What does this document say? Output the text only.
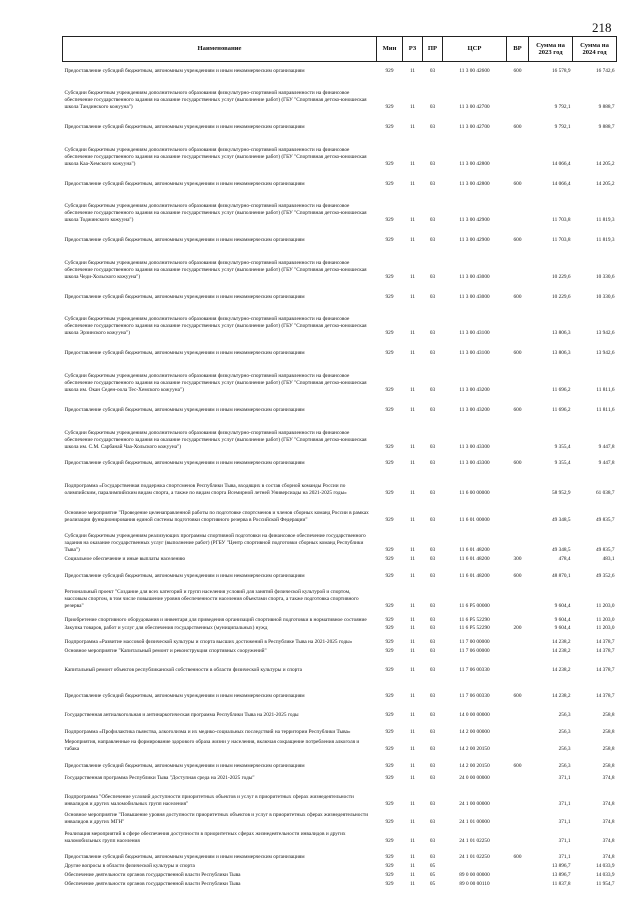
218
Наименование	Мин	РЗ	ПР	ЦСР	ВР	Сумма на 2023 год	Сумма на 2024 год
Предоставление субсидий бюджетным, автономным учреждениям и иным некоммерческим организациям	929	11	03	11 3 00 42600	600	16 578,9	16 742,6
Субсидии бюджетным учреждениям дополнительного образования физкультурно-спортивной направленности на финансовое обеспечение государственного задания на оказание государственных услуг (выполнение работ) (ГБУ "Спортивная детско-юношеская школа Тандинского кожууна")	929	11	03	11 3 00 42700		9 792,1	9 888,7
Предоставление субсидий бюджетным, автономным учреждениям и иным некоммерческим организациям	929	11	03	11 3 00 42700	600	9 792,1	9 888,7
Субсидии бюджетным учреждениям дополнительного образования физкультурно-спортивной направленности на финансовое обеспечение государственного задания на оказание государственных услуг (выполнение работ) (ГБУ "Спортивная детско-юношеская школа Каа-Хемского кожууна")	929	11	03	11 3 00 42800		14 066,4	14 205,2
Предоставление субсидий бюджетным, автономным учреждениям и иным некоммерческим организациям	929	11	03	11 3 00 42800	600	14 066,4	14 205,2
Субсидии бюджетным учреждениям дополнительного образования физкультурно-спортивной направленности на финансовое обеспечение государственного задания на оказание государственных услуг (выполнение работ) (ГБУ "Спортивная детско-юношеская школа Тоджинского кожууна")	929	11	03	11 3 00 42900		11 703,8	11 819,3
Предоставление субсидий бюджетным, автономным учреждениям и иным некоммерческим организациям	929	11	03	11 3 00 42900	600	11 703,8	11 819,3
Субсидии бюджетным учреждениям дополнительного образования физкультурно-спортивной направленности на финансовое обеспечение государственного задания на оказание государственных услуг (выполнение работ) (ГБУ "Спортивная детско-юношеская школа Чеди-Хольского кожууна")	929	11	03	11 3 00 43000		10 229,6	10 330,6
Предоставление субсидий бюджетным, автономным учреждениям и иным некоммерческим организациям	929	11	03	11 3 00 43000	600	10 229,6	10 330,6
Субсидии бюджетным учреждениям дополнительного образования физкультурно-спортивной направленности на финансовое обеспечение государственного задания на оказание государственных услуг (выполнение работ) (ГБУ "Спортивная детско-юношеская школа Эрзинского кожууна")	929	11	03	11 3 00 43100		13 806,3	13 942,6
Предоставление субсидий бюджетным, автономным учреждениям и иным некоммерческим организациям	929	11	03	11 3 00 43100	600	13 806,3	13 942,6
Субсидии бюджетным учреждениям дополнительного образования физкультурно-спортивной направленности на финансовое обеспечение государственного задания на оказание государственных услуг (выполнение работ) (ГБУ "Спортивная детско-юношеская школа им. Окан Седен-оола Тес-Хемского кожууна")	929	11	03	11 3 00 43200		11 696,2	11 811,6
Предоставление субсидий бюджетным, автономным учреждениям и иным некоммерческим организациям	929	11	03	11 3 00 43200	600	11 696,2	11 811,6
Субсидии бюджетным учреждениям дополнительного образования физкультурно-спортивной направленности на финансовое обеспечение государственного задания на оказание государственных услуг (выполнение работ) (ГБУ "Спортивная детско-юношеская школа им. С.М. Сарбанай Чаа-Хольского кожууна")	929	11	03	11 3 00 43300		9 355,4	9 447,8
Предоставление субсидий бюджетным, автономным учреждениям и иным некоммерческим организациям	929	11	03	11 3 00 43300	600	9 355,4	9 447,8
Подпрограмма «Государственная поддержка спортсменов Республики Тыва, входящих в состав сборной команды России по олимпийским, паралимпийским видам спорта, а также по видам спорта Всемирной летней Универсиады на 2021-2025 годы»	929	11	03	11 6 00 00000		58 952,9	61 038,7
Основное мероприятие "Проведение целенаправленной работы по подготовке спортсменов и членов сборных команд России в рамках реализации функционирования единой системы подготовки спортивного резерва в Российской Федерации"	929	11	03	11 6 01 00000		49 348,5	49 835,7
Субсидии бюджетным учреждениям реализующих программы спортивной подготовки на финансовое обеспечение государственного задания на оказание государственных услуг (выполнение работ) (РГБУ "Центр спортивной подготовки сборных команд Республики Тыва")	929	11	03	11 6 01 48200		49 348,5	49 835,7
Социальное обеспечение и иные выплаты населению	929	11	03	11 6 01 48200	300	478,4	483,1
Предоставление субсидий бюджетным, автономным учреждениям и иным некоммерческим организациям	929	11	03	11 6 01 48200	600	48 870,1	49 352,6
Региональный проект "Создание для всех категорий и групп населения условий для занятий физической культурой и спортом, массовым спортом, в том числе повышение уровня обеспеченности населения объектами спорта, а также подготовка спортивного резерва"	929	11	03	11 6 P5 00000		9 604,4	11 203,0
Приобретение спортивного оборудования и инвентаря для приведения организаций спортивной подготовки в нормативное состояние	929	11	03	11 6 P5 52290		9 604,4	11 203,0
Закупка товаров, работ и услуг для обеспечения государственных (муниципальных) нужд	929	11	03	11 6 P5 52290	200	9 604,4	11 203,0
Подпрограмма «Развитие массовой физической культуры и спорта высших достижений в Республике Тыва на 2021-2025 годы»	929	11	03	11 7 00 00000		14 238,2	14 378,7
Основное мероприятие "Капитальный ремонт и реконструкция спортивных сооружений"	929	11	03	11 7 06 00000		14 238,2	14 378,7
Капитальный ремонт объектов республиканской собственности в области физической культуры и спорта	929	11	03	11 7 06 00330		14 238,2	14 378,7
Предоставление субсидий бюджетным, автономным учреждениям и иным некоммерческим организациям	929	11	03	11 7 06 00330	600	14 238,2	14 378,7
Государственная антиалкогольная и антинаркотическая программа Республики Тыва на 2021-2025 годы	929	11	03	14 0 00 00000		256,3	258,8
Подпрограмма «Профилактика пьянства, алкоголизма и их медико-социальных последствий на территории Республики Тыва»	929	11	03	14 2 00 00000		256,3	258,8
Мероприятия, направленные на формирование здорового образа жизни у населения, включая сокращение потребления алкоголя и табака	929	11	03	14 2 00 20150		256,3	258,8
Предоставление субсидий бюджетным, автономным учреждениям и иным некоммерческим организациям	929	11	03	14 2 00 20150	600	256,3	258,8
Государственная программа Республики Тыва "Доступная среда на 2021-2025 годы"	929	11	03	24 0 00 00000		371,1	374,8
Подпрограмма "Обеспечение условий доступности приоритетных объектов и услуг в приоритетных сферах жизнедеятельности инвалидов и других маломобильных групп населения"	929	11	03	24 1 00 00000		371,1	374,8
Основное мероприятие "Повышение уровня доступности приоритетных объектов и услуг в приоритетных сферах жизнедеятельности инвалидов и других МГН"	929	11	03	24 1 01 00000		371,1	374,8
Реализация мероприятий в сфере обеспечения доступности в приоритетных сферах жизнедеятельности инвалидов и других маломобильных групп населения	929	11	03	24 1 01 02250		371,1	374,8
Предоставление субсидий бюджетным, автономным учреждениям и иным некоммерческим организациям	929	11	03	24 1 01 02250	600	371,1	374,8
Другие вопросы в области физической культуры и спорта	929	11	05			13 896,7	14 033,9
Обеспечение деятельности органов государственной власти Республики Тыва	929	11	05	89 0 00 00000		13 896,7	14 033,9
Обеспечение деятельности органов государственной власти Республики Тыва	929	11	05	89 0 00 00110		11 837,8	11 954,7
